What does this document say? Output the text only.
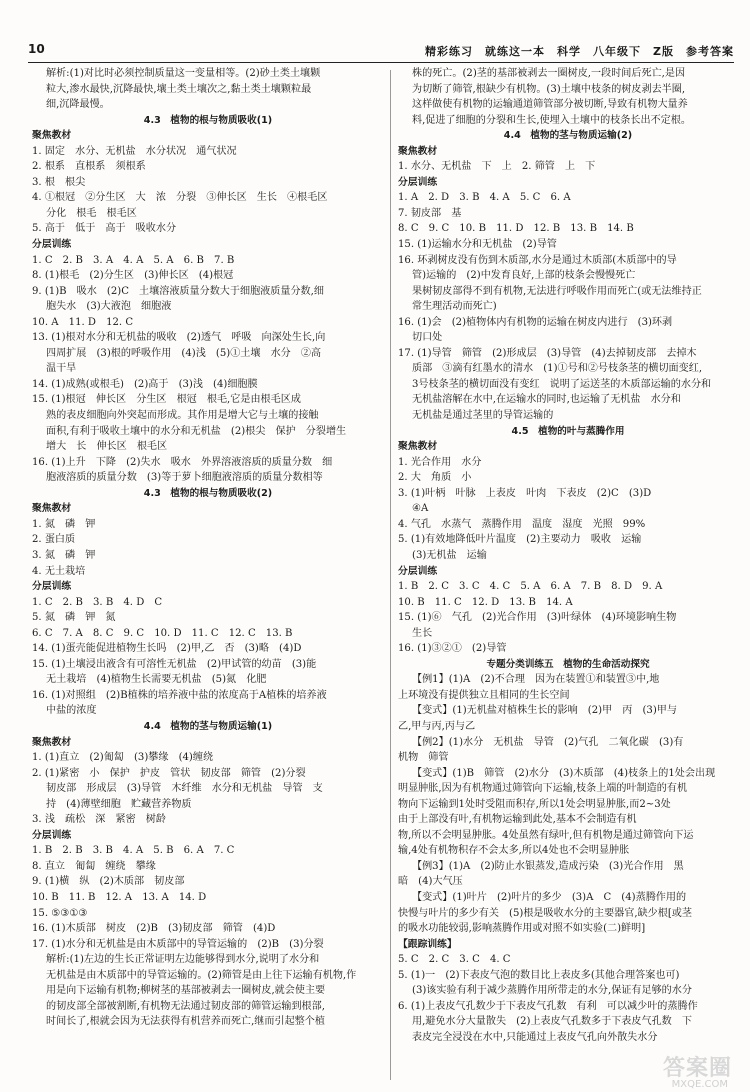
10	精彩练习　就练这一本　科学　八年级下　Z版　参考答案
解析:(1)对比时必须控制质量这一变量相等。(2)砂土类土壤颗
粒大,渗水最快,沉降最快,壤土类土壤次之,黏土类土壤颗粒最
细,沉降最慢。
4.3　植物的根与物质吸收(1)
聚焦教材
1. 固定　水分、无机盐　水分状况　通气状况
2. 根系　直根系　须根系
3. 根　根尖
4. ①根冠　②分生区　大　浓　分裂　③伸长区　生长　④根毛区
分化　根毛　根毛区
5. 高于　低于　高于　吸收水分
分层训练
1. C　2. B　3. A　4. A　5. A　6. B　7. B
8. (1)根毛　(2)分生区　(3)伸长区　(4)根冠
9. (1)B　吸水　(2)C　土壤溶液质量分数大于细胞液质量分数,细
胞失水　(3)大液泡　细胞液
10. A　11. D　12. C
13. (1)根对水分和无机盐的吸收　(2)透气　呼吸　向深处生长,向
四周扩展　(3)根的呼吸作用　(4)浅　(5)①土壤　水分　②高
温干旱
14. (1)成熟(或根毛)　(2)高于　(3)浅　(4)细胞膜
15. (1)根冠　伸长区　分生区　根冠　根毛,它是由根毛区成
熟的表皮细胞向外突起而形成。其作用是增大它与土壤的接触
面积,有利于吸收土壤中的水分和无机盐　(2)根尖　保护　分裂增生
增大　长　伸长区　根毛区
16. (1)上升　下降　(2)失水　吸水　外界溶液溶质的质量分数　细
胞液溶质的质量分数　(3)等于萝卜细胞液溶质的质量分数相等
4.3　植物的根与物质吸收(2)
聚焦教材
1. 氮　磷　钾
2. 蛋白质
3. 氮　磷　钾
4. 无土栽培
分层训练
1. C　2. B　3. B　4. D　C
5. 氮　磷　钾　氮
6. C　7. A　8. C　9. C　10. D　11. C　12. C　13. B
14. (1)蛋壳能促进植物生长吗　(2)甲,乙　否　(3)略　(4)D
15. (1)土壤浸出液含有可溶性无机盐　(2)甲试管的幼苗　(3)能
无土栽培　(4)植物生长需要无机盐　(5)氮　化肥
16. (1)对照组　(2)B植株的培养液中盐的浓度高于A植株的培养液
中盐的浓度
4.4　植物的茎与物质运输(1)
聚焦教材
1. (1)直立　(2)匍匐　(3)攀缘　(4)缠绕
2. (1)紧密　小　保护　护皮　管状　韧皮部　筛管　(2)分裂
韧皮部　形成层　(3)导管　木纤维　水分和无机盐　导管　支
持　(4)薄壁细胞　贮藏营养物质
3. 浅　疏松　深　紧密　树龄
分层训练
1. B　2. B　3. B　4. A　5. B　6. A　7. C
8. 直立　匍匐　缠绕　攀缘
9. (1)横　纵　(2)木质部　韧皮部
10. B　11. B　12. A　13. A　14. D
15. ⑤③①③
16. (1)木质部　树皮　(2)B　(3)韧皮部　筛管　(4)D
17. (1)水分和无机盐是由木质部中的导管运输的　(2)B　(3)分裂
解析:(1)左边的生长正常证明左边能够得到水分,说明了水分和
无机盐是由木质部中的导管运输的。(2)筛管是由上往下运输有机物,作
用是向下运输有机物;柳树茎的基部被剥去一圈树皮,就会使主要
的韧皮部全部被割断,有机物无法通过韧皮部的筛管运输到根部,
时间长了,根就会因为无法获得有机营养而死亡,继而引起整个植
株的死亡。(2)茎的基部被剥去一圈树皮,一段时间后死亡,是因
为切断了筛管,根缺少有机物。(3)土壤中枝条的树皮剥去半圈,
这样做使有机物的运输通道筛管部分被切断,导致有机物大量养
料,促进了细胞的分裂和生长,使埋入土壤中的枝条长出不定根。
4.4　植物的茎与物质运输(2)
聚焦教材
1. 水分、无机盐　下　上　2. 筛管　上　下
分层训练
1. A　2. D　3. B　4. A　5. C　6. A
7. 韧皮部　基
8. C　9. C　10. B　11. D　12. B　13. B　14. B
15. (1)运输水分和无机盐　(2)导管
16. 环剥树皮没有伤到木质部,水分是通过木质部(木质部中的导
管)运输的　(2)中发育良好,上部的枝条会慢慢死亡
果树韧皮部得不到有机物,无法进行呼吸作用而死亡(或无法维持正
常生理活动而死亡)
16. (1)会　(2)植物体内有机物的运输在树皮内进行　(3)环剥
切口处
17. (1)导管　筛管　(2)形成层　(3)导管　(4)去掉韧皮部　去掉木
质部　③滴有红墨水的清水　(1)①号和②号枝条茎的横切面变红,
3号枝条茎的横切面没有变红　说明了运送茎的木质部运输的水分和
无机盐溶解在水中,在运输水的同时,也运输了无机盐　水分和
无机盐是通过茎里的导管运输的
4.5　植物的叶与蒸腾作用
聚焦教材
1. 光合作用　水分
2. 大　角质　小
3. (1)叶柄　叶脉　上表皮　叶肉　下表皮　(2)C　(3)D
④A
4. 气孔　水蒸气　蒸腾作用　温度　湿度　光照　99%
5. (1)有效地降低叶片温度　(2)主要动力　吸收　运输
(3)无机盐　运输
分层训练
1. B　2. C　3. C　4. C　5. A　6. A　7. B　8. D　9. A
10. B　11. C　12. D　13. B　14. A
15. (1)⑥　气孔　(2)光合作用　(3)叶绿体　(4)环境影响生物
生长
16. (1)③②①　(2)导管
专题分类训练五　植物的生命活动探究
【例1】(1)A　(2)不合理　因为在装置①和装置③中,地
上环境没有提供独立且相同的生长空间
【变式】(1)无机盐对植株生长的影响　(2)甲　丙　(3)甲与
乙,甲与丙,丙与乙
【例2】(1)水分　无机盐　导管　(2)气孔　二氧化碳　(3)有
机物　筛管
【变式】(1)B　筛管　(2)水分　(3)木质部　(4)枝条上的1处会出现
明显肿胀,因为有机物通过筛管向下运输,枝条上端的叶制造的有机
物向下运输到1处时受阻而积存,所以1处会明显肿胀,而2~3处
由于上部没有叶,有机物运输到此处,基本不会制造有机
物,所以不会明显肿胀。4处虽然有绿叶,但有机物是通过筛管向下运
输,4处有机物积存不会太多,所以4处也不会明显肿胀
【例3】(1)A　(2)防止水银蒸发,造成污染　(3)光合作用　黑
暗　(4)大气压
【变式】(1)叶片　(2)叶片的多少　(3)A　C　(4)蒸腾作用的
快慢与叶片的多少有关　(5)根是吸收水分的主要器官,缺少根[或茎
的吸水功能较弱,影响蒸腾作用或对照不如实验(二)鲜明]
【跟踪训练】
5. C　2. C　3. C　4. C
5. (1)一　(2)下表皮气泡的数目比上表皮多(其他合理答案也可)
(3)该实验有利于减少蒸腾作用所带走的水分,保证有足够的水分
6. (1)上表皮气孔数少于下表皮气孔数　有利　可以减少叶的蒸腾作
用,避免水分大量散失　(2)上表皮气孔数多于下表皮气孔数　下
表皮完全浸没在水中,只能通过上表皮气孔向外散失水分
答案圈
MXQE.COM
